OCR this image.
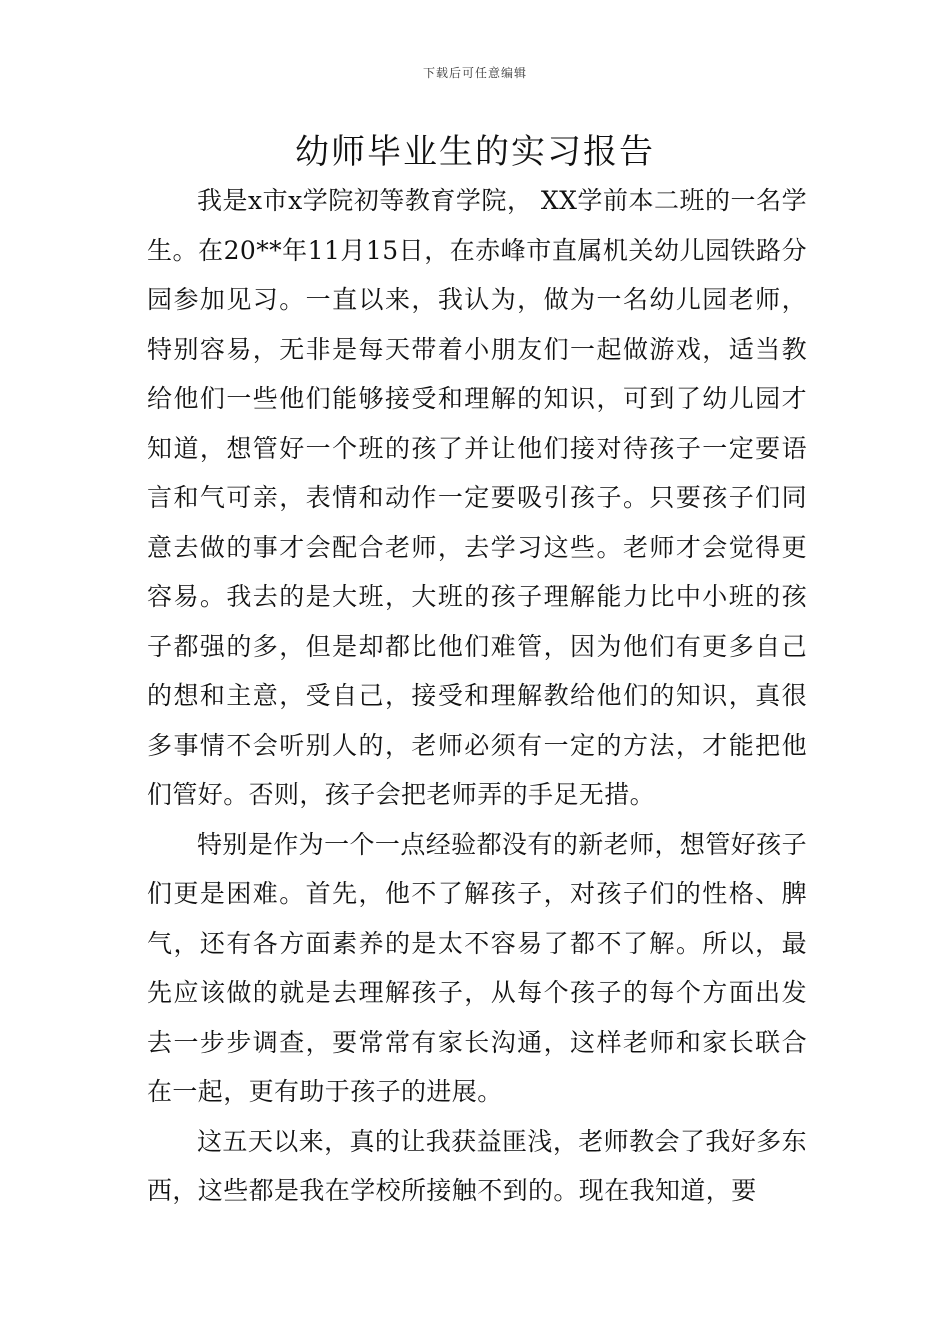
下载后可任意编辑
幼师毕业生的实习报告

我是x市x学院初等教育学院， XX学前本二班的一名学生。在20**年11月15日，在赤峰市直属机关幼儿园铁路分园参加见习。一直以来，我认为，做为一名幼儿园老师，特别容易，无非是每天带着小朋友们一起做游戏，适当教给他们一些他们能够接受和理解的知识，可到了幼儿园才知道，想管好一个班的孩了并让他们接对待孩子一定要语言和气可亲，表情和动作一定要吸引孩子。只要孩子们同意去做的事才会配合老师，去学习这些。老师才会觉得更容易。我去的是大班，大班的孩子理解能力比中小班的孩子都强的多，但是却都比他们难管，因为他们有更多自己的想和主意，受自己，接受和理解教给他们的知识，真很多事情不会听别人的，老师必须有一定的方法，才能把他们管好。否则，孩子会把老师弄的手足无措。

特别是作为一个一点经验都没有的新老师，想管好孩子们更是困难。首先，他不了解孩子，对孩子们的性格、脾气，还有各方面素养的是太不容易了都不了解。所以，最先应该做的就是去理解孩子，从每个孩子的每个方面出发去一步步调查，要常常有家长沟通，这样老师和家长联合在一起，更有助于孩子的进展。

这五天以来，真的让我获益匪浅，老师教会了我好多东西，这些都是我在学校所接触不到的。现在我知道，要
